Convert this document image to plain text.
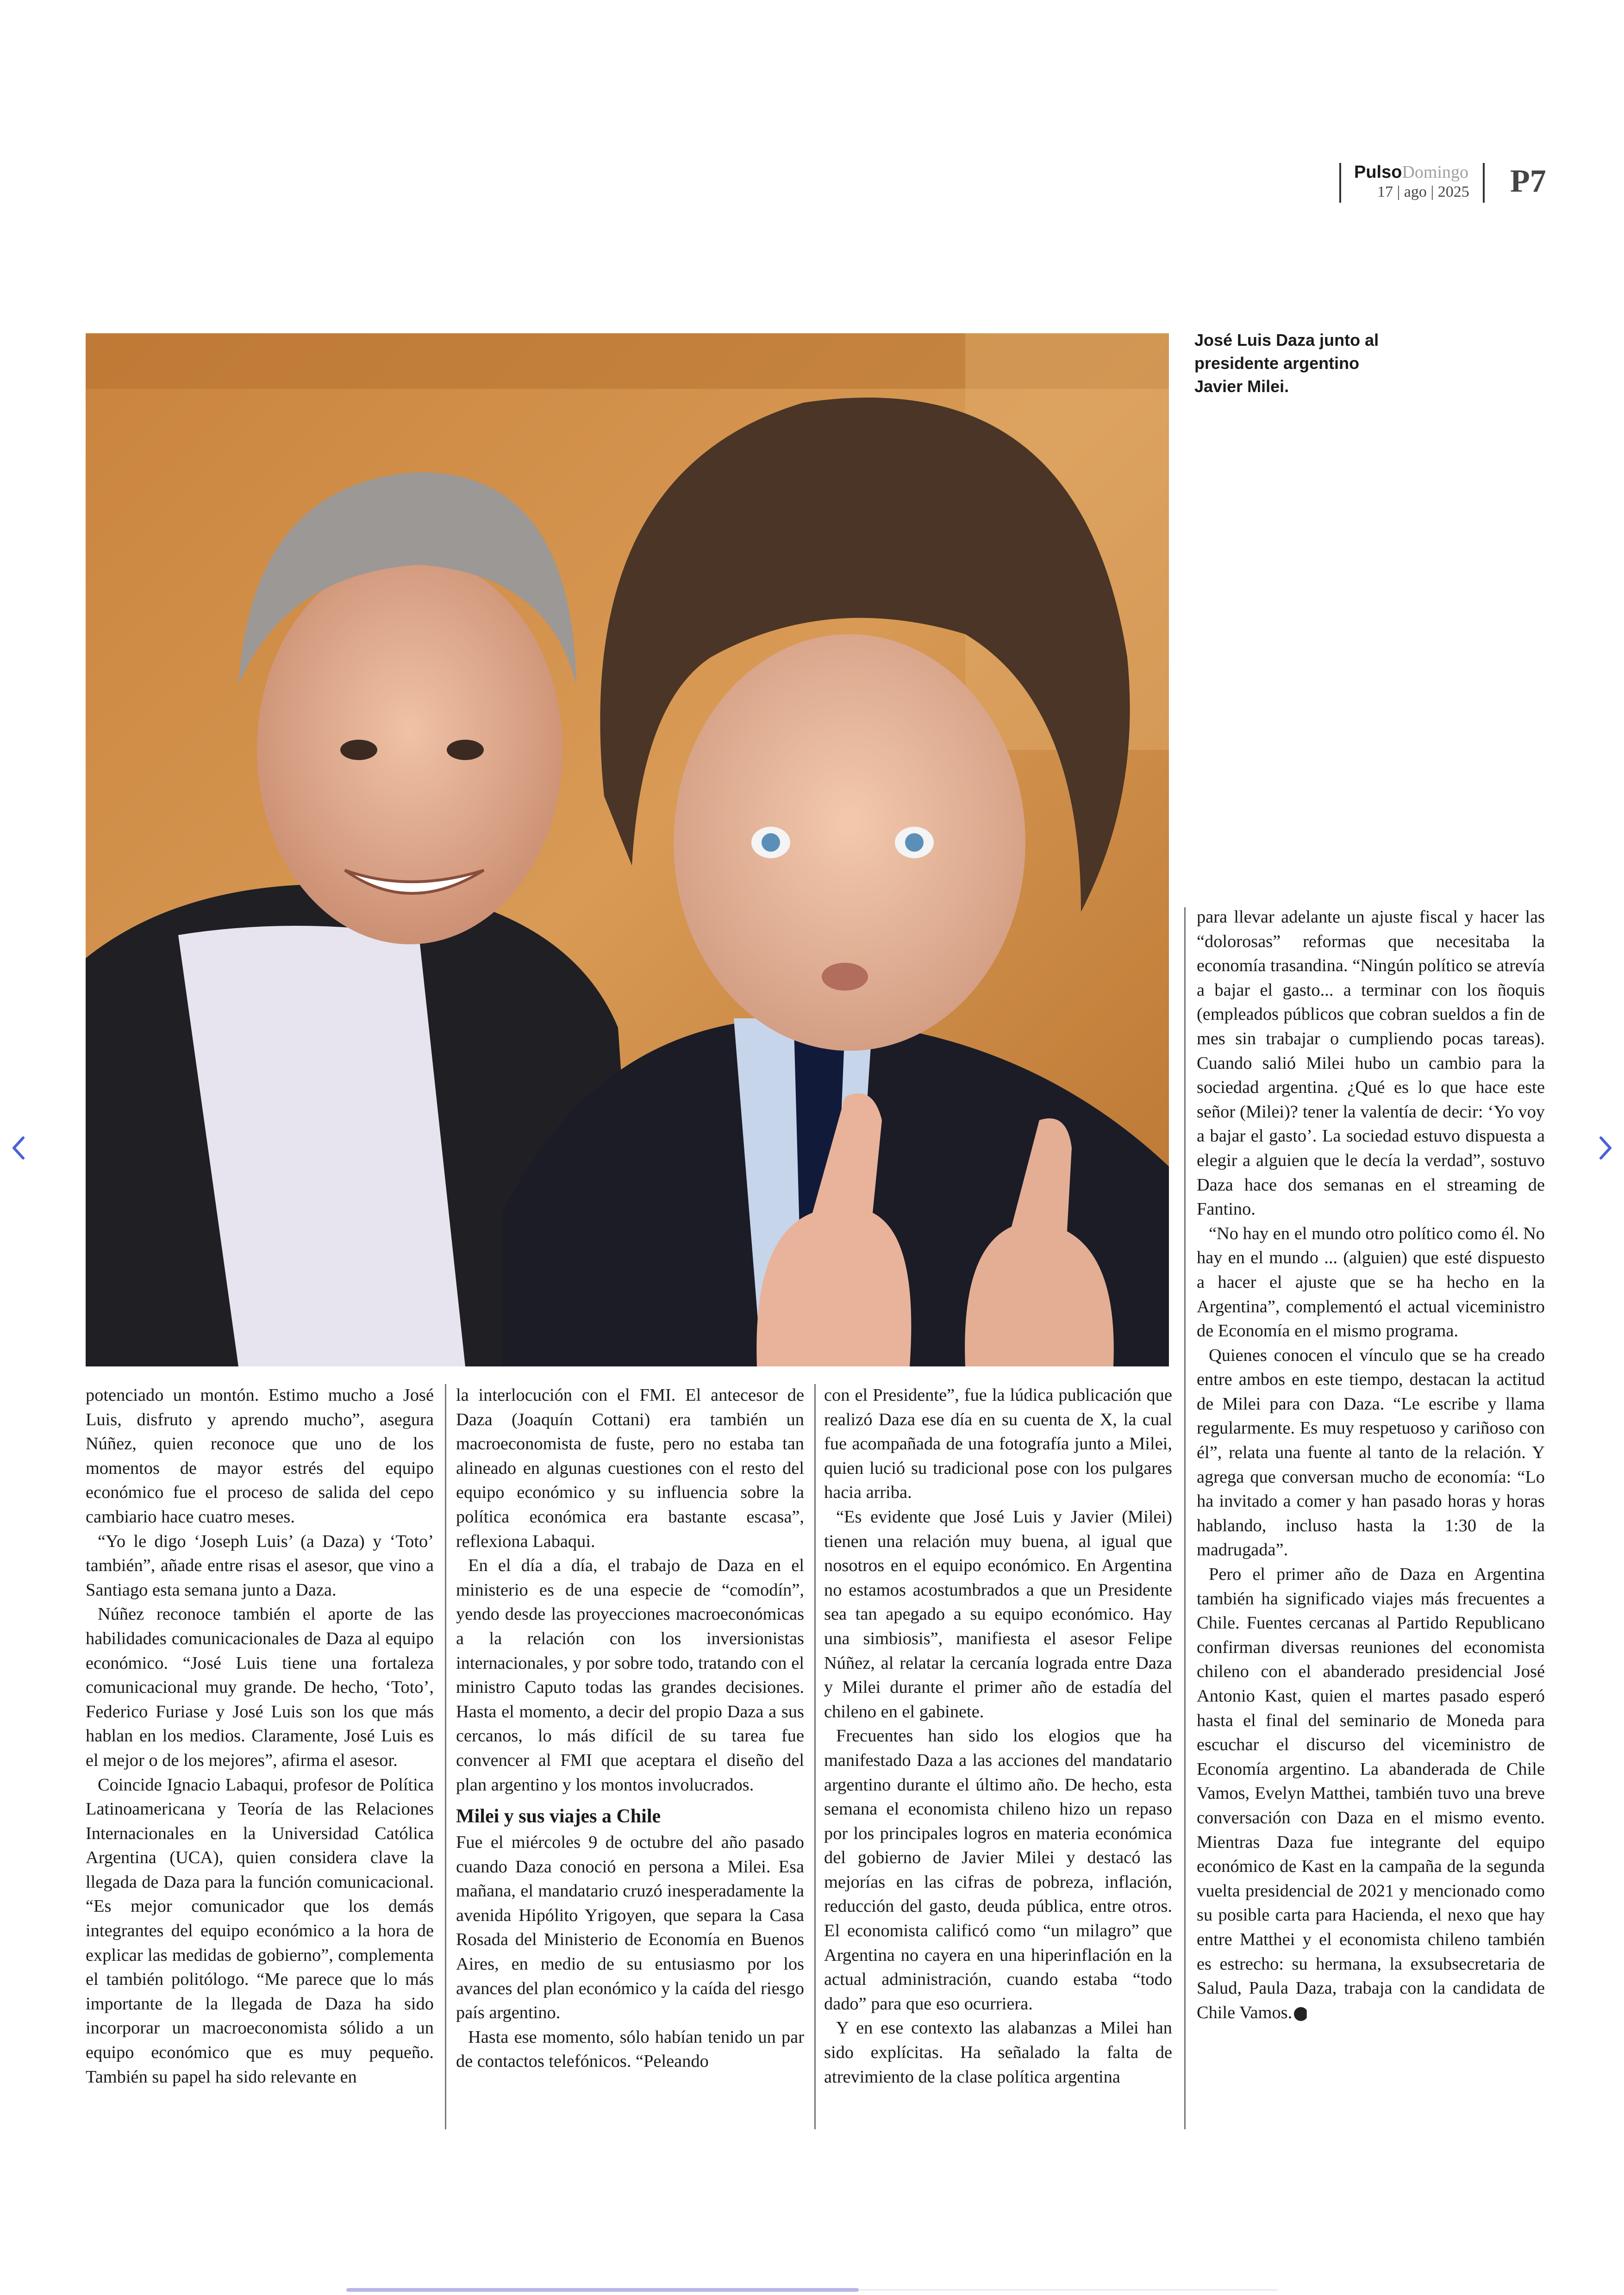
PulsoDomingo
17 | ago | 2025 P7
José Luis Daza junto al presidente argentino Javier Milei.

potenciado un montón. Estimo mucho a José Luis, disfruto y aprendo mucho”, asegura Núñez, quien reconoce que uno de los momentos de mayor estrés del equipo económico fue el proceso de salida del cepo cambiario hace cuatro meses.

“Yo le digo ‘Joseph Luis’ (a Daza) y ‘Toto’ también”, añade entre risas el asesor, que vino a Santiago esta semana junto a Daza.

Núñez reconoce también el aporte de las habilidades comunicacionales de Daza al equipo económico. “José Luis tiene una fortaleza comunicacional muy grande. De hecho, ‘Toto’, Federico Furiase y José Luis son los que más hablan en los medios. Claramente, José Luis es el mejor o de los mejores”, afirma el asesor.

Coincide Ignacio Labaqui, profesor de Política Latinoamericana y Teoría de las Relaciones Internacionales en la Universidad Católica Argentina (UCA), quien considera clave la llegada de Daza para la función comunicacional. “Es mejor comunicador que los demás integrantes del equipo económico a la hora de explicar las medidas de gobierno”, complementa el también politólogo. “Me parece que lo más importante de la llegada de Daza ha sido incorporar un macroeconomista sólido a un equipo económico que es muy pequeño. También su papel ha sido relevante en

la interlocución con el FMI. El antecesor de Daza (Joaquín Cottani) era también un macroeconomista de fuste, pero no estaba tan alineado en algunas cuestiones con el resto del equipo económico y su influencia sobre la política económica era bastante escasa”, reflexiona Labaqui.

En el día a día, el trabajo de Daza en el ministerio es de una especie de “comodín”, yendo desde las proyecciones macroeconómicas a la relación con los inversionistas internacionales, y por sobre todo, tratando con el ministro Caputo todas las grandes decisiones. Hasta el momento, a decir del propio Daza a sus cercanos, lo más difícil de su tarea fue convencer al FMI que aceptara el diseño del plan argentino y los montos involucrados.

Milei y sus viajes a Chile

Fue el miércoles 9 de octubre del año pasado cuando Daza conoció en persona a Milei. Esa mañana, el mandatario cruzó inesperadamente la avenida Hipólito Yrigoyen, que separa la Casa Rosada del Ministerio de Economía en Buenos Aires, en medio de su entusiasmo por los avances del plan económico y la caída del riesgo país argentino.

Hasta ese momento, sólo habían tenido un par de contactos telefónicos. “Peleando

con el Presidente”, fue la lúdica publicación que realizó Daza ese día en su cuenta de X, la cual fue acompañada de una fotografía junto a Milei, quien lució su tradicional pose con los pulgares hacia arriba.

“Es evidente que José Luis y Javier (Milei) tienen una relación muy buena, al igual que nosotros en el equipo económico. En Argentina no estamos acostumbrados a que un Presidente sea tan apegado a su equipo económico. Hay una simbiosis”, manifiesta el asesor Felipe Núñez, al relatar la cercanía lograda entre Daza y Milei durante el primer año de estadía del chileno en el gabinete.

Frecuentes han sido los elogios que ha manifestado Daza a las acciones del mandatario argentino durante el último año. De hecho, esta semana el economista chileno hizo un repaso por los principales logros en materia económica del gobierno de Javier Milei y destacó las mejorías en las cifras de pobreza, inflación, reducción del gasto, deuda pública, entre otros. El economista calificó como “un milagro” que Argentina no cayera en una hiperinflación en la actual administración, cuando estaba “todo dado” para que eso ocurriera.

Y en ese contexto las alabanzas a Milei han sido explícitas. Ha señalado la falta de atrevimiento de la clase política argentina

para llevar adelante un ajuste fiscal y hacer las “dolorosas” reformas que necesitaba la economía trasandina. “Ningún político se atrevía a bajar el gasto... a terminar con los ñoquis (empleados públicos que cobran sueldos a fin de mes sin trabajar o cumpliendo pocas tareas). Cuando salió Milei hubo un cambio para la sociedad argentina. ¿Qué es lo que hace este señor (Milei)? tener la valentía de decir: ‘Yo voy a bajar el gasto’. La sociedad estuvo dispuesta a elegir a alguien que le decía la verdad”, sostuvo Daza hace dos semanas en el streaming de Fantino.

“No hay en el mundo otro político como él. No hay en el mundo ... (alguien) que esté dispuesto a hacer el ajuste que se ha hecho en la Argentina”, complementó el actual viceministro de Economía en el mismo programa.

Quienes conocen el vínculo que se ha creado entre ambos en este tiempo, destacan la actitud de Milei para con Daza. “Le escribe y llama regularmente. Es muy respetuoso y cariñoso con él”, relata una fuente al tanto de la relación. Y agrega que conversan mucho de economía: “Lo ha invitado a comer y han pasado horas y horas hablando, incluso hasta la 1:30 de la madrugada”.

Pero el primer año de Daza en Argentina también ha significado viajes más frecuentes a Chile. Fuentes cercanas al Partido Republicano confirman diversas reuniones del economista chileno con el abanderado presidencial José Antonio Kast, quien el martes pasado esperó hasta el final del seminario de Moneda para escuchar el discurso del viceministro de Economía argentino. La abanderada de Chile Vamos, Evelyn Matthei, también tuvo una breve conversación con Daza en el mismo evento. Mientras Daza fue integrante del equipo económico de Kast en la campaña de la segunda vuelta presidencial de 2021 y mencionado como su posible carta para Hacienda, el nexo que hay entre Matthei y el economista chileno también es estrecho: su hermana, la exsubsecretaria de Salud, Paula Daza, trabaja con la candidata de Chile Vamos. P
